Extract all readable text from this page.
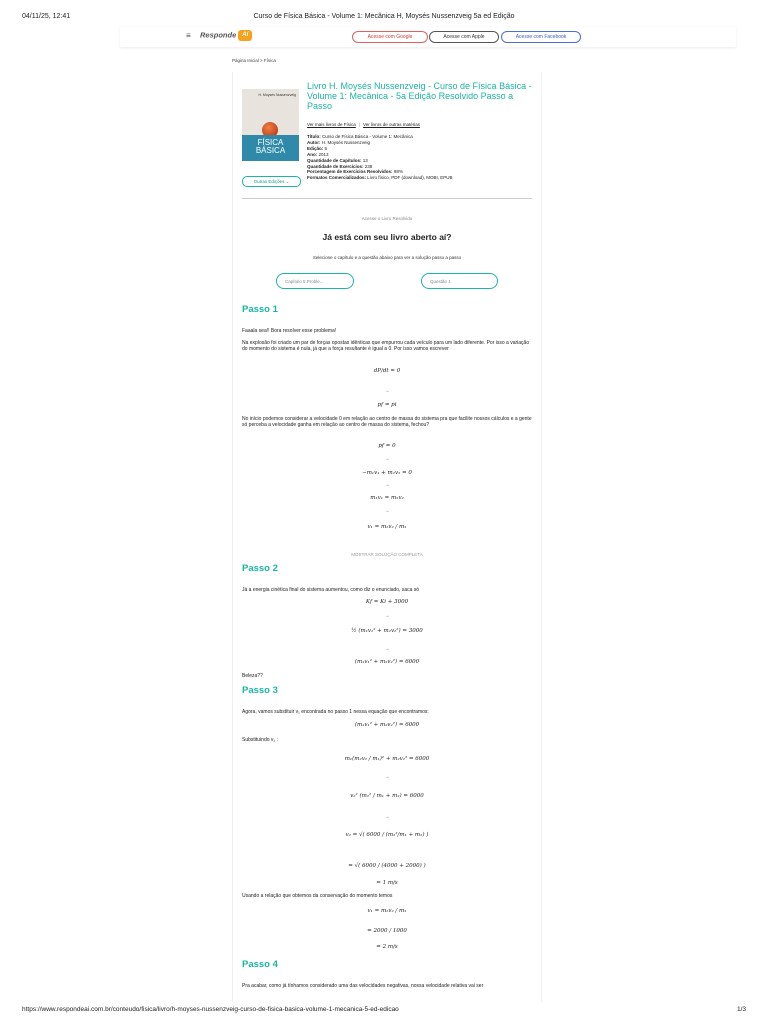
04/11/25, 12:41	Curso de Física Básica - Volume 1: Mecânica H, Moysés Nussenzveig 5a ed Edição
≡ Responde Aí	Acesse com Google	Acesse com Apple	Acesse com Facebook
Página Inicial > Física
H. Moysés Nussenzveig
FÍSICA
BÁSICA
Outras Edições ⌄
Livro H. Moysés Nussenzveig - Curso de Física Básica - Volume 1: Mecânica - 5a Edição Resolvido Passo a Passo
Ver mais livros de Física | Ver livros de outras matérias
Título: Curso de Física Básica - Volume 1: Mecânica
Autor: H. Moysés Nussenzveig
Edição: 5
Ano: 2013
Quantidade de Capítulos: 13
Quantidade de Exercícios: 238
Porcentagem de Exercícios Resolvidos: 98%
Formatos Comercializados: Livro físico, PDF (download), MOBI, EPUB
Acesse o Livro Resolvido
Já está com seu livro aberto aí?
Selecione o capítulo e a questão abaixo para ver a solução passo a passo
Capítulo 5.Proble...	Questão 1
Passo 1
Faaala sea!! Bora resolver esse problema!
Na explosão foi criado um par de forças opostas idênticas que empurrou cada veículo para um lado diferente. Por isso a variação do momento do sistema é nula, já que a força resultante é igual a 0. Por isso vamos escrever
dP/dt = 0
→
pf = pi
No início podemos considerar a velocidade 0 em relação ao centro de massa do sistema pra que facilite nossos cálculos e a gente só perceba a velocidade ganha em relação ao centro de massa do sistema, fechou?
pf = 0
→
−m₁v₁ + m₂v₂ = 0
→
m₁v₁ = m₂v₂
→
v₁ = m₂v₂ / m₁
MOSTRAR SOLUÇÃO COMPLETA
Passo 2
Já a energia cinética final do sistema aumentou, como diz o enunciado, saca só
Kf = Ki + 3000
→
½ (m₁v₁² + m₂v₂²) = 3000
→
(m₁v₁² + m₂v₂²) = 6000
Beleza??
Passo 3
Agora, vamos substituir v₁ encontrada no passo 1 nessa equação que encontramos:
(m₁v₁² + m₂v₂²) = 6000
Substituindo v₁ :
m₁(m₂v₂ / m₁)² + m₂v₂² = 6000
→
v₂² (m₂² / m₁ + m₂) = 6000
→
v₂ = √( 6000 / (m₂²/m₁ + m₂) )
= √( 6000 / (4000 + 2000) )
= 1 m/s
Usando a relação que obtemos da conservação do momento temos
v₁ = m₂v₂ / m₁
= 2000 / 1000
= 2 m/s
Passo 4
Pra acabar, como já tínhamos considerado uma das velocidades negativas, nossa velocidade relativa vai ser
https://www.respondeai.com.br/conteudo/fisica/livro/h-moyses-nussenzveig-curso-de-fisica-basica-volume-1-mecanica-5-ed-edicao	1/3
